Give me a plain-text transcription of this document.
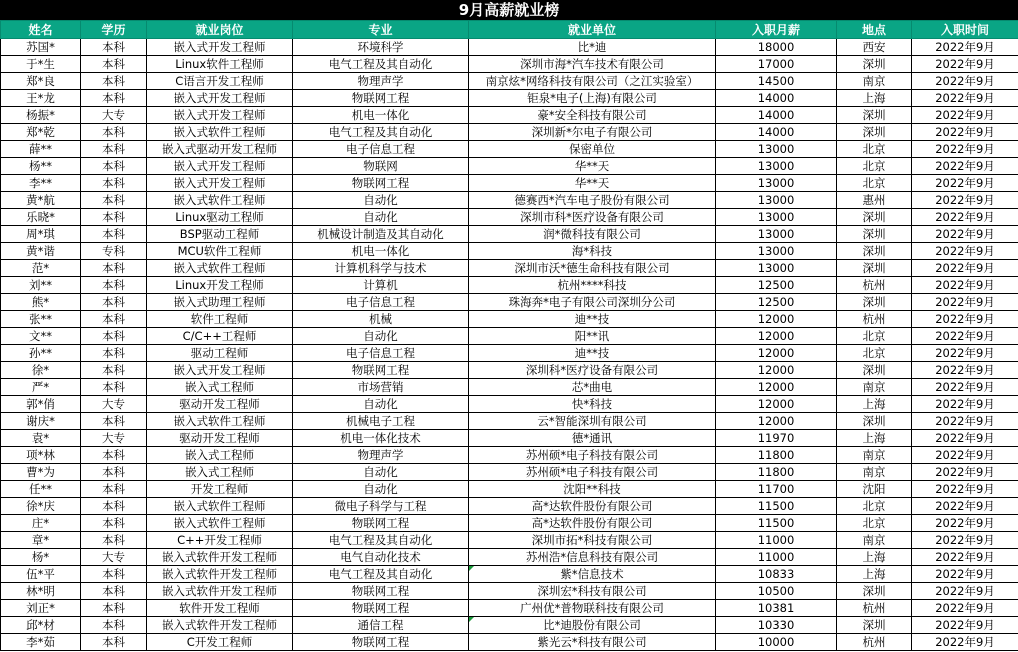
9月高薪就业榜
姓名	学历	就业岗位	专业	就业单位	入职月薪	地点	入职时间
苏国*	本科	嵌入式开发工程师	环境科学	比*迪	18000	西安	2022年9月
于*生	本科	Linux软件工程师	电气工程及其自动化	深圳市海*汽车技术有限公司	17000	深圳	2022年9月
郑*良	本科	C语言开发工程师	物理声学	南京炫*网络科技有限公司（之江实验室）	14500	南京	2022年9月
王*龙	本科	嵌入式开发工程师	物联网工程	钜泉*电子(上海)有限公司	14000	上海	2022年9月
杨振*	大专	嵌入式开发工程师	机电一体化	豪*安全科技有限公司	14000	深圳	2022年9月
郑*乾	本科	嵌入式软件工程师	电气工程及其自动化	深圳新*尔电子有限公司	14000	深圳	2022年9月
薛**	本科	嵌入式驱动开发工程师	电子信息工程	保密单位	13000	北京	2022年9月
杨**	本科	嵌入式开发工程师	物联网	华**天	13000	北京	2022年9月
李**	本科	嵌入式开发工程师	物联网工程	华**天	13000	北京	2022年9月
黄*航	本科	嵌入式软件工程师	自动化	德赛西*汽车电子股份有限公司	13000	惠州	2022年9月
乐晓*	本科	Linux驱动工程师	自动化	深圳市科*医疗设备有限公司	13000	深圳	2022年9月
周*琪	本科	BSP驱动工程师	机械设计制造及其自动化	润*微科技有限公司	13000	深圳	2022年9月
黄*谐	专科	MCU软件工程师	机电一体化	海*科技	13000	深圳	2022年9月
范*	本科	嵌入式软件工程师	计算机科学与技术	深圳市沃*德生命科技有限公司	13000	深圳	2022年9月
刘**	本科	Linux开发工程师	计算机	杭州****科技	12500	杭州	2022年9月
熊*	本科	嵌入式助理工程师	电子信息工程	珠海奔*电子有限公司深圳分公司	12500	深圳	2022年9月
张**	本科	软件工程师	机械	迪**技	12000	杭州	2022年9月
文**	本科	C/C++工程师	自动化	阳**讯	12000	北京	2022年9月
孙**	本科	驱动工程师	电子信息工程	迪**技	12000	北京	2022年9月
徐*	本科	嵌入式开发工程师	物联网工程	深圳科*医疗设备有限公司	12000	深圳	2022年9月
严*	本科	嵌入式工程师	市场营销	芯*曲电	12000	南京	2022年9月
郭*俏	大专	驱动开发工程师	自动化	快*科技	12000	上海	2022年9月
谢庆*	本科	嵌入式软件工程师	机械电子工程	云*智能深圳有限公司	12000	深圳	2022年9月
袁*	大专	驱动开发工程师	机电一体化技术	德*通讯	11970	上海	2022年9月
项*林	本科	嵌入式工程师	物理声学	苏州硕*电子科技有限公司	11800	南京	2022年9月
曹*为	本科	嵌入式工程师	自动化	苏州硕*电子科技有限公司	11800	南京	2022年9月
任**	本科	开发工程师	自动化	沈阳**科技	11700	沈阳	2022年9月
徐*庆	本科	嵌入式软件工程师	微电子科学与工程	高*达软件股份有限公司	11500	北京	2022年9月
庄*	本科	嵌入式软件工程师	物联网工程	高*达软件股份有限公司	11500	北京	2022年9月
章*	本科	C++开发工程师	电气工程及其自动化	深圳市拓*科技有限公司	11000	南京	2022年9月
杨*	大专	嵌入式软件开发工程师	电气自动化技术	苏州浩*信息科技有限公司	11000	上海	2022年9月
伍*平	本科	嵌入式软件开发工程师	电气工程及其自动化	紫*信息技术	10833	上海	2022年9月
林*明	本科	嵌入式软件开发工程师	物联网工程	深圳宏*科技有限公司	10500	深圳	2022年9月
刘正*	本科	软件开发工程师	物联网工程	广州优*普物联科技有限公司	10381	杭州	2022年9月
邱*材	本科	嵌入式软件开发工程师	通信工程	比*迪股份有限公司	10330	深圳	2022年9月
李*茹	本科	C开发工程师	物联网工程	紫光云*科技有限公司	10000	杭州	2022年9月
